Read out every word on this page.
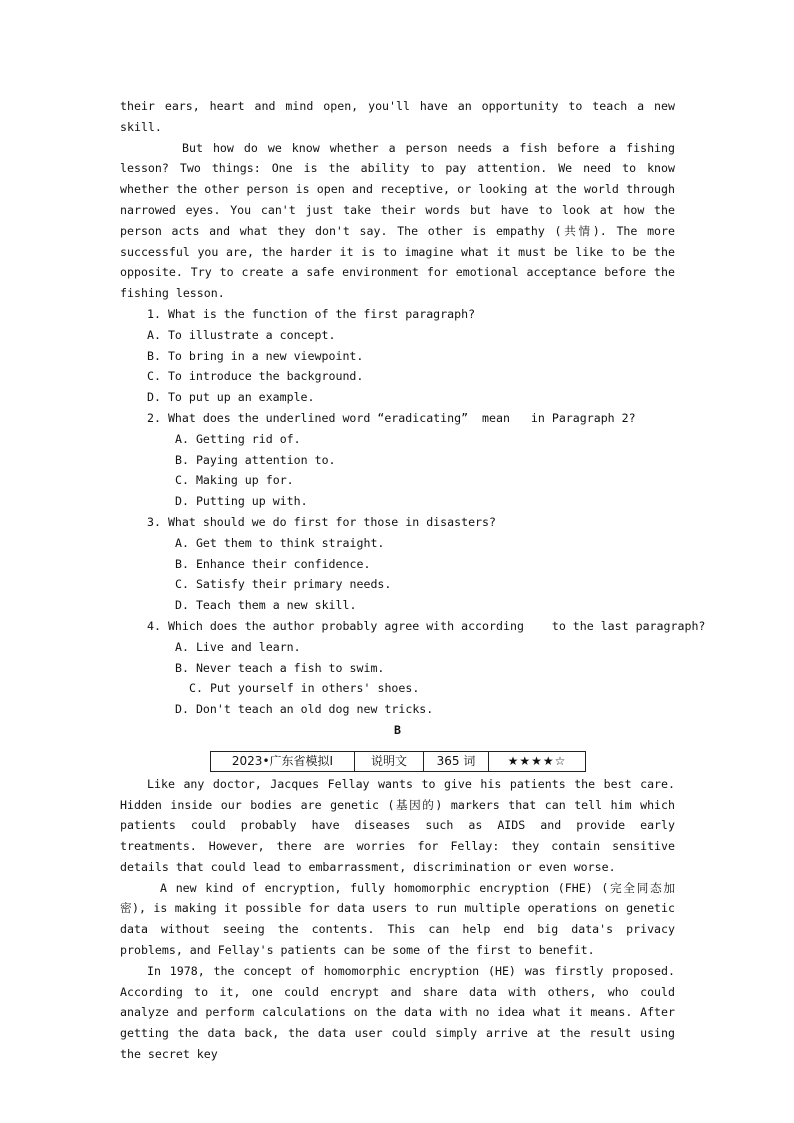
their ears, heart and mind open, you'll have an opportunity to teach a new skill.

But how do we know whether a person needs a fish before a fishing lesson? Two things: One is the ability to pay attention. We need to know whether the other person is open and receptive, or looking at the world through narrowed eyes. You can't just take their words but have to look at how the person acts and what they don't say. The other is empathy (共情). The more successful you are, the harder it is to imagine what it must be like to be the opposite. Try to create a safe environment for emotional acceptance before the fishing lesson.

1. What is the function of the first paragraph?

A. To illustrate a concept.

B. To bring in a new viewpoint.

C. To introduce the background.

D. To put up an example.

2. What does the underlined word “eradicating”  mean   in Paragraph 2?

A. Getting rid of.

B. Paying attention to.

C. Making up for.

D. Putting up with.

3. What should we do first for those in disasters?

A. Get them to think straight.

B. Enhance their confidence.

C. Satisfy their primary needs.

D. Teach them a new skill.

4. Which does the author probably agree with according    to the last paragraph?

A. Live and learn.

B. Never teach a fish to swim.

C. Put yourself in others' shoes.

D. Don't teach an old dog new tricks.

B

2023•广东省模拟Ⅰ	说明文	365 词	★★★★☆

Like any doctor, Jacques Fellay wants to give his patients the best care. Hidden inside our bodies are genetic (基因的) markers that can tell him which patients could probably have diseases such as AIDS and provide early treatments. However, there are worries for Fellay: they contain sensitive details that could lead to embarrassment, discrimination or even worse.

A new kind of encryption, fully homomorphic encryption (FHE) (完全同态加密), is making it possible for data users to run multiple operations on genetic data without seeing the contents. This can help end big data's privacy problems, and Fellay's patients can be some of the first to benefit.

In 1978, the concept of homomorphic encryption (HE) was firstly proposed. According to it, one could encrypt and share data with others, who could analyze and perform calculations on the data with no idea what it means. After getting the data back, the data user could simply arrive at the result using the secret key
